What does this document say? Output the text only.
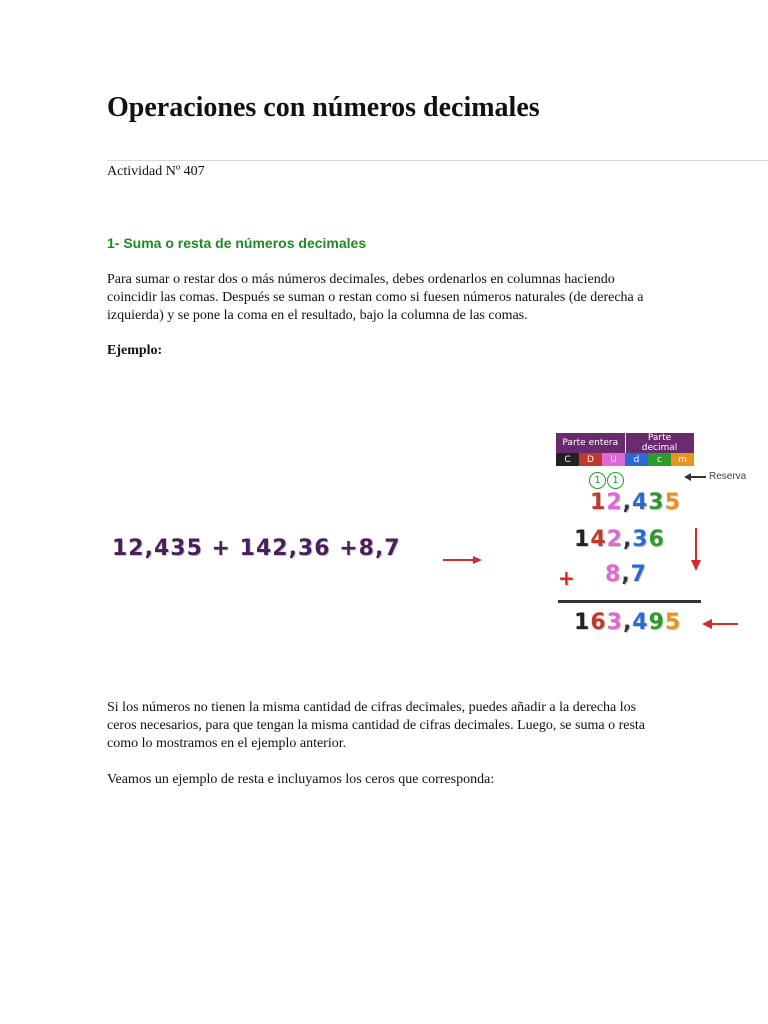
Operaciones con números decimales
Actividad Nº 407
1- Suma o resta de números decimales

Para sumar o restar dos o más números decimales, debes ordenarlos en columnas haciendo coincidir las comas. Después se suman o restan como si fuesen números naturales (de derecha a izquierda) y se pone la coma en el resultado, bajo la columna de las comas.

Ejemplo:
12,435 + 142,36 +8,7
Parte entera			Parte decimal		
C	D	U	d	c	m
1	1	Reserva
12,435
142,36
+ 8,7
163,495

Si los números no tienen la misma cantidad de cifras decimales, puedes añadir a la derecha los ceros necesarios, para que tengan la misma cantidad de cifras decimales. Luego, se suma o resta como lo mostramos en el ejemplo anterior.

Veamos un ejemplo de resta e incluyamos los ceros que corresponda:
